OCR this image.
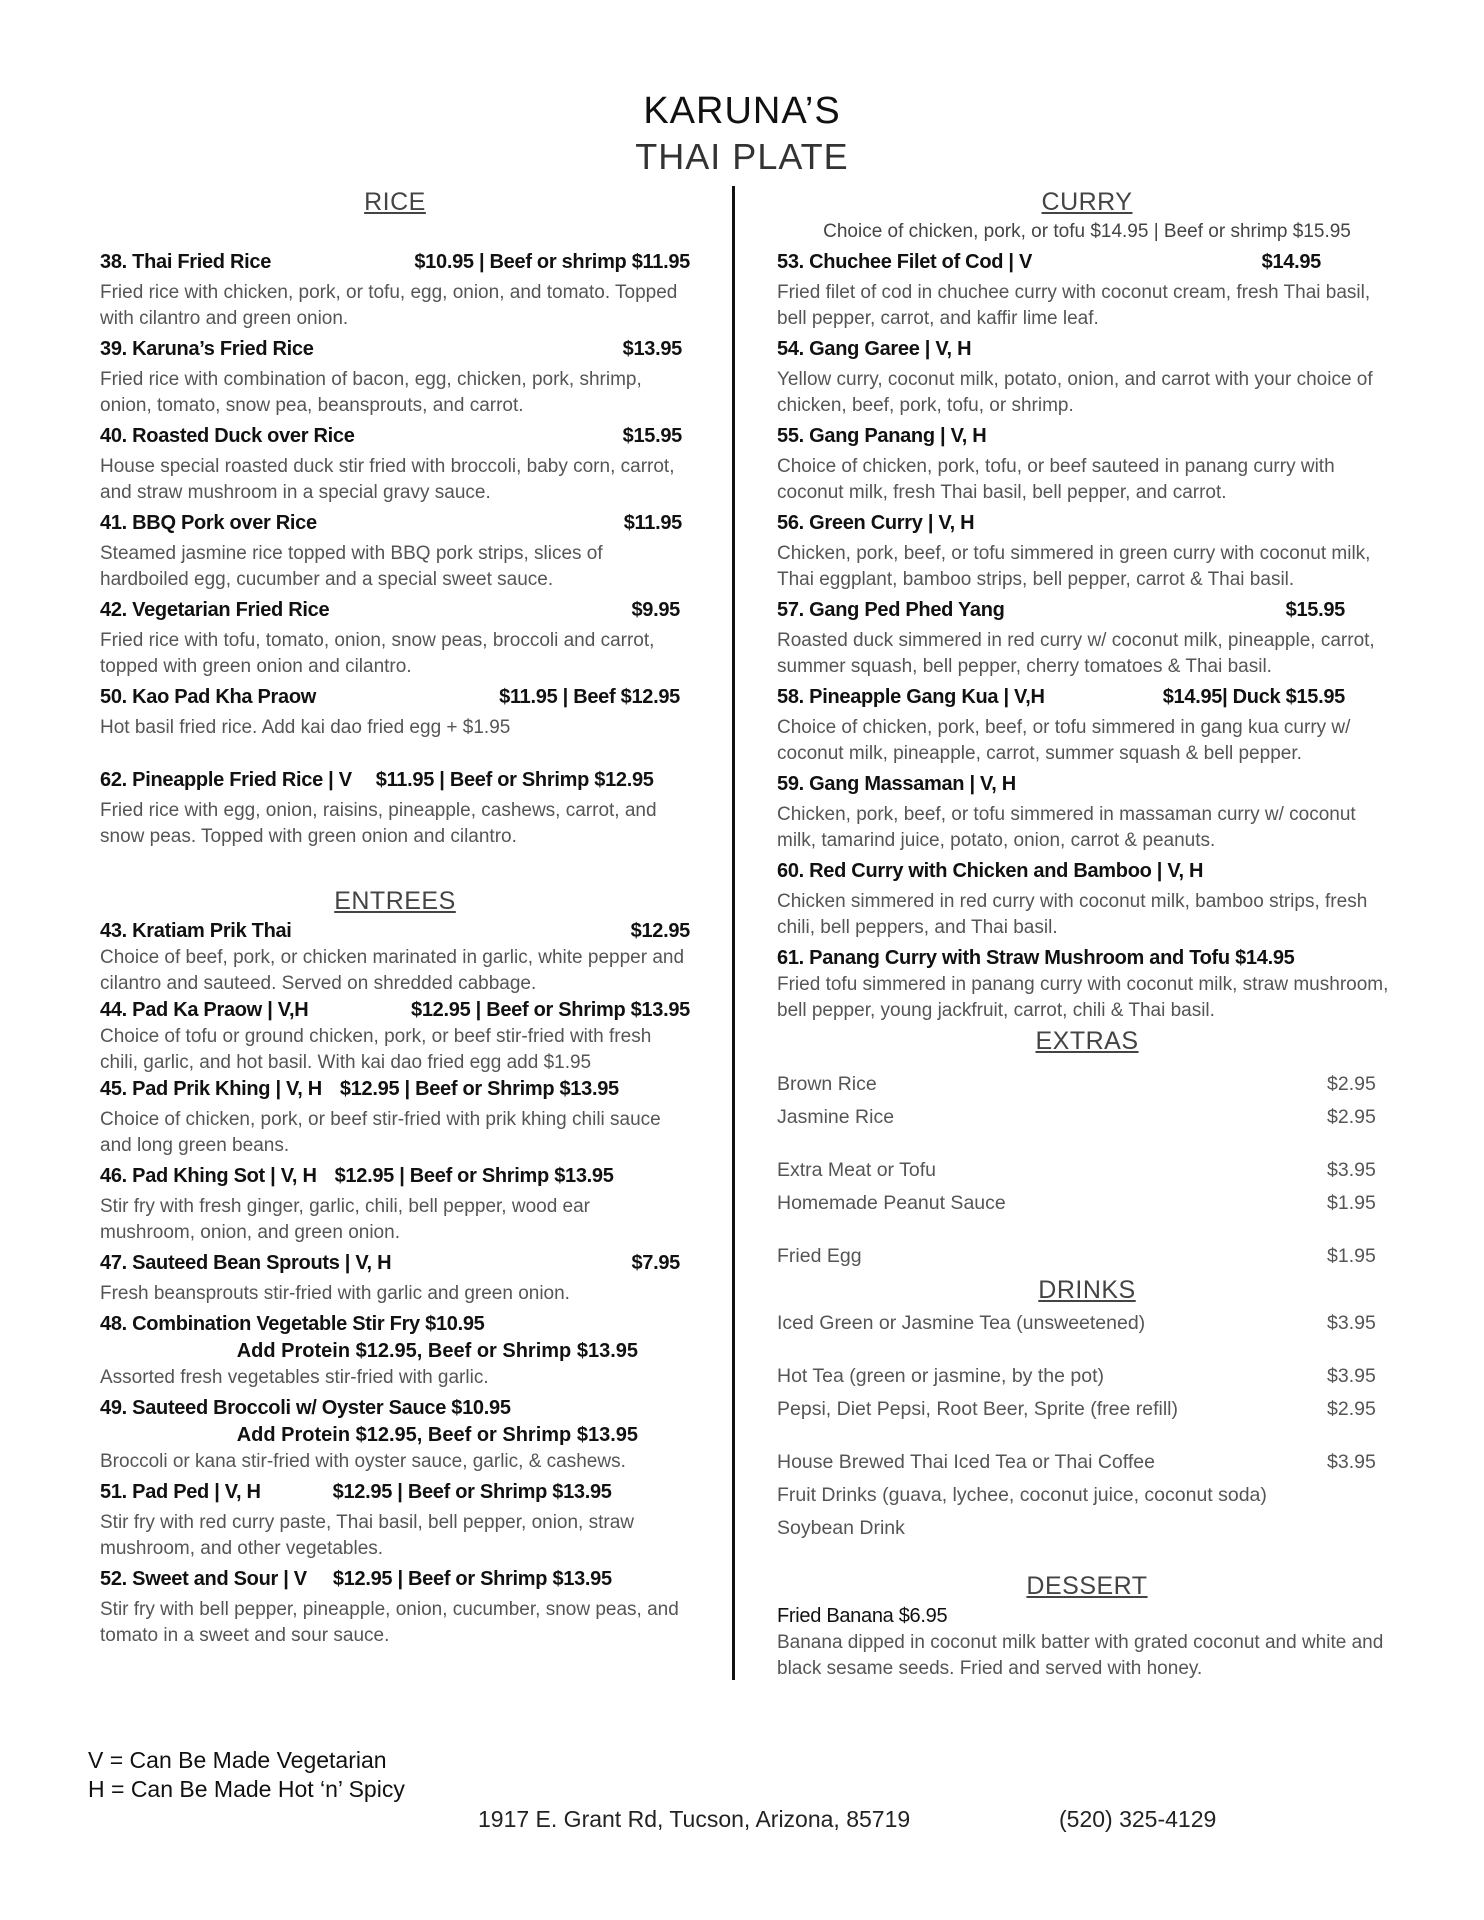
KARUNA’S
THAI PLATE
RICE
38. Thai Fried Rice	$10.95 | Beef or shrimp $11.95
Fried rice with chicken, pork, or tofu, egg, onion, and tomato. Topped with cilantro and green onion.
39. Karuna’s Fried Rice	$13.95
Fried rice with combination of bacon, egg, chicken, pork, shrimp, onion, tomato, snow pea, beansprouts, and carrot.
40. Roasted Duck over Rice	$15.95
House special roasted duck stir fried with broccoli, baby corn, carrot, and straw mushroom in a special gravy sauce.
41. BBQ Pork over Rice	$11.95
Steamed jasmine rice topped with BBQ pork strips, slices of hardboiled egg, cucumber and a special sweet sauce.
42. Vegetarian Fried Rice	$9.95
Fried rice with tofu, tomato, onion, snow peas, broccoli and carrot, topped with green onion and cilantro.
50. Kao Pad Kha Praow	$11.95 | Beef $12.95
Hot basil fried rice. Add kai dao fried egg + $1.95
62. Pineapple Fried Rice | V $11.95 | Beef or Shrimp $12.95
Fried rice with egg, onion, raisins, pineapple, cashews, carrot, and snow peas. Topped with green onion and cilantro.
ENTREES
43. Kratiam Prik Thai	$12.95
Choice of beef, pork, or chicken marinated in garlic, white pepper and cilantro and sauteed. Served on shredded cabbage.
44. Pad Ka Praow | V,H	$12.95 | Beef or Shrimp $13.95
Choice of tofu or ground chicken, pork, or beef stir-fried with fresh chili, garlic, and hot basil. With kai dao fried egg add $1.95
45. Pad Prik Khing | V, H $12.95 | Beef or Shrimp $13.95
Choice of chicken, pork, or beef stir-fried with prik khing chili sauce and long green beans.
46. Pad Khing Sot | V, H $12.95 | Beef or Shrimp $13.95
Stir fry with fresh ginger, garlic, chili, bell pepper, wood ear mushroom, onion, and green onion.
47. Sauteed Bean Sprouts | V, H	$7.95
Fresh beansprouts stir-fried with garlic and green onion.
48. Combination Vegetable Stir Fry $10.95
Add Protein $12.95, Beef or Shrimp $13.95
Assorted fresh vegetables stir-fried with garlic.
49. Sauteed Broccoli w/ Oyster Sauce $10.95
Add Protein $12.95, Beef or Shrimp $13.95
Broccoli or kana stir-fried with oyster sauce, garlic, & cashews.
51. Pad Ped | V, H	$12.95 | Beef or Shrimp $13.95
Stir fry with red curry paste, Thai basil, bell pepper, onion, straw mushroom, and other vegetables.
52. Sweet and Sour | V $12.95 | Beef or Shrimp $13.95
Stir fry with bell pepper, pineapple, onion, cucumber, snow peas, and tomato in a sweet and sour sauce.
CURRY
Choice of chicken, pork, or tofu $14.95 | Beef or shrimp $15.95
53. Chuchee Filet of Cod | V	$14.95
Fried filet of cod in chuchee curry with coconut cream, fresh Thai basil, bell pepper, carrot, and kaffir lime leaf.
54. Gang Garee | V, H
Yellow curry, coconut milk, potato, onion, and carrot with your choice of chicken, beef, pork, tofu, or shrimp.
55. Gang Panang | V, H
Choice of chicken, pork, tofu, or beef sauteed in panang curry with coconut milk, fresh Thai basil, bell pepper, and carrot.
56. Green Curry | V, H
Chicken, pork, beef, or tofu simmered in green curry with coconut milk, Thai eggplant, bamboo strips, bell pepper, carrot & Thai basil.
57. Gang Ped Phed Yang	$15.95
Roasted duck simmered in red curry w/ coconut milk, pineapple, carrot, summer squash, bell pepper, cherry tomatoes & Thai basil.
58. Pineapple Gang Kua | V,H	$14.95| Duck $15.95
Choice of chicken, pork, beef, or tofu simmered in gang kua curry w/ coconut milk, pineapple, carrot, summer squash & bell pepper.
59. Gang Massaman | V, H
Chicken, pork, beef, or tofu simmered in massaman curry w/ coconut milk, tamarind juice, potato, onion, carrot & peanuts.
60. Red Curry with Chicken and Bamboo | V, H
Chicken simmered in red curry with coconut milk, bamboo strips, fresh chili, bell peppers, and Thai basil.
61. Panang Curry with Straw Mushroom and Tofu $14.95
Fried tofu simmered in panang curry with coconut milk, straw mushroom, bell pepper, young jackfruit, carrot, chili & Thai basil.
EXTRAS
Brown Rice	$2.95
Jasmine Rice	$2.95
Extra Meat or Tofu	$3.95
Homemade Peanut Sauce	$1.95
Fried Egg	$1.95
DRINKS
Iced Green or Jasmine Tea (unsweetened)	$3.95
Hot Tea (green or jasmine, by the pot)	$3.95
Pepsi, Diet Pepsi, Root Beer, Sprite (free refill)	$2.95
House Brewed Thai Iced Tea or Thai Coffee	$3.95
Fruit Drinks (guava, lychee, coconut juice, coconut soda)
Soybean Drink
DESSERT
Fried Banana $6.95
Banana dipped in coconut milk batter with grated coconut and white and black sesame seeds. Fried and served with honey.
V = Can Be Made Vegetarian
H = Can Be Made Hot ‘n’ Spicy
1917 E. Grant Rd, Tucson, Arizona, 85719	(520) 325-4129
